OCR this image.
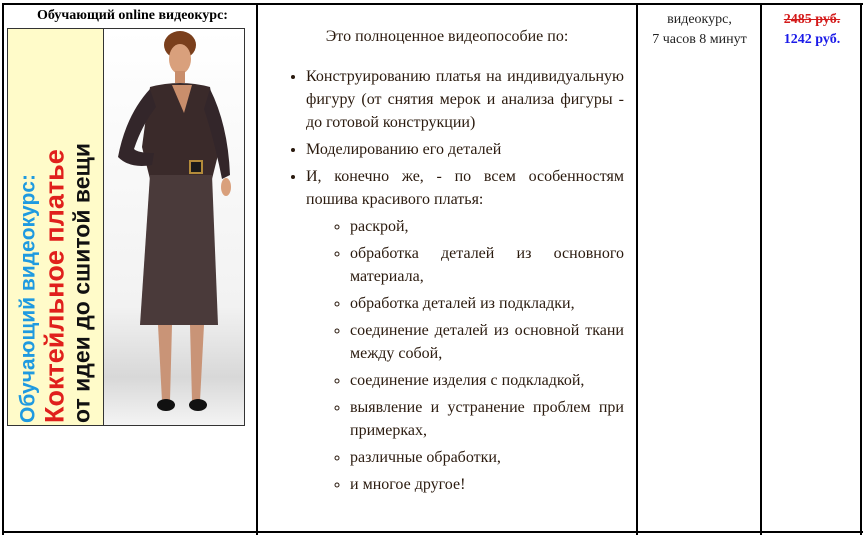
Обучающий online видеокурс:
Обучающий видеокурс: Коктейльное платье от идеи до сшитой вещи
Это полноценное видеопособие по:
• Конструированию платья на индивидуальную фигуру (от снятия мерок и анализа фигуры - до готовой конструкции)
• Моделированию его деталей
• И, конечно же, - по всем особенностям пошива красивого платья:
◦ раскрой,
◦ обработка деталей из основного материала,
◦ обработка деталей из подкладки,
◦ соединение деталей из основной ткани между собой,
◦ соединение изделия с подкладкой,
◦ выявление и устранение проблем при примерках,
◦ различные обработки,
◦ и многое другое!
видеокурс,
7 часов 8 минут
2485 руб.
1242 руб.
